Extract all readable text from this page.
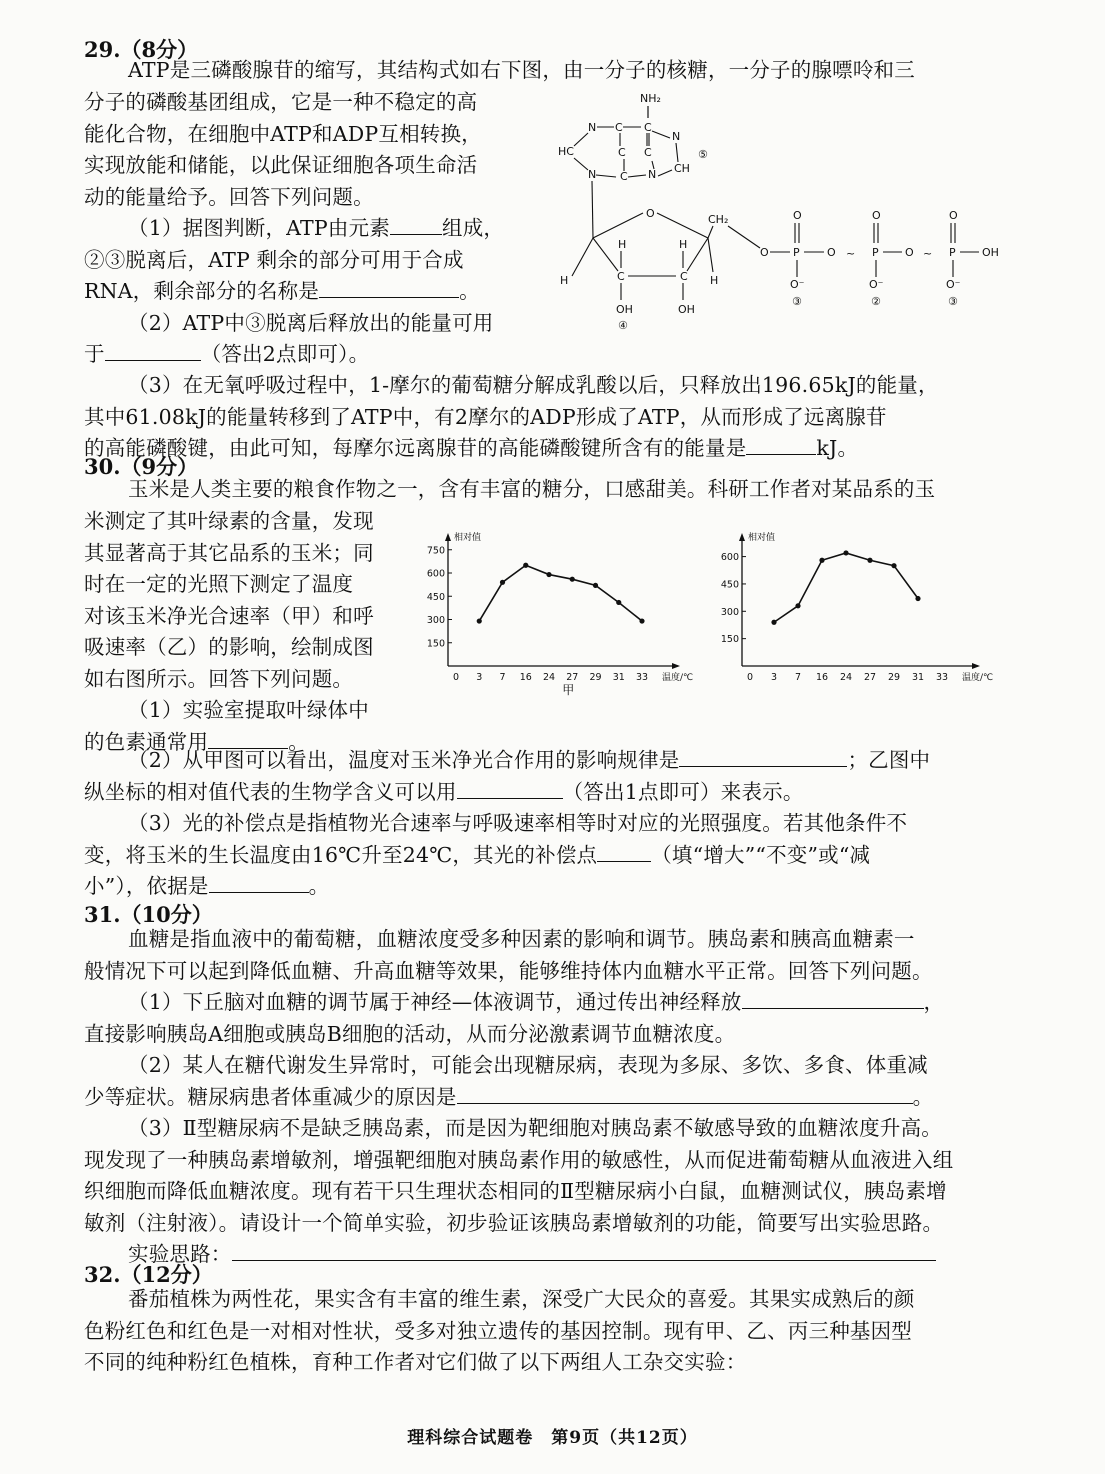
29.（8分）

ATP是三磷酸腺苷的缩写，其结构式如右下图，由一分子的核糖，一分子的腺嘌呤和三

分子的磷酸基团组成，它是一种不稳定的高

能化合物，在细胞中ATP和ADP互相转换，

实现放能和储能，以此保证细胞各项生命活

动的能量给予。回答下列问题。

（1）据图判断，ATP由元素	组成，

②③脱离后，ATP 剩余的部分可用于合成

RNA，剩余部分的名称是	。

（2）ATP中③脱离后释放出的能量可用

于	（答出2点即可）。

（3）在无氧呼吸过程中，1-摩尔的葡萄糖分解成乳酸以后，只释放出196.65kJ的能量，

其中61.08kJ的能量转移到了ATP中，有2摩尔的ADP形成了ATP，从而形成了远离腺苷

的高能磷酸键，由此可知，每摩尔远离腺苷的高能磷酸键所含有的能量是	kJ。

NH₂
C
C
N
N
HC	C C	⑤
N C N CH
O	CH₂
H	H
H	H
C	C
OH	OH
④
O P O ~ P O ~ P OH
O	O	O
O⁻	O⁻	O⁻
③	②	③
30.（9分）

玉米是人类主要的粮食作物之一，含有丰富的糖分，口感甜美。科研工作者对某品系的玉

米测定了其叶绿素的含量，发现

其显著高于其它品系的玉米；同

时在一定的光照下测定了温度

对该玉米净光合速率（甲）和呼

吸速率（乙）的影响，绘制成图

如右图所示。回答下列问题。

（1）实验室提取叶绿体中

的色素通常用	。

相对值
150
300
450
600
750
0 3 7 16 24 27 29 31 33 温度/℃
甲
相对值
150
300
450
600
0 3 7 16 24 27 29 31 33 温度/℃

（2）从甲图可以看出，温度对玉米净光合作用的影响规律是	；乙图中

纵坐标的相对值代表的生物学含义可以用	（答出1点即可）来表示。

（3）光的补偿点是指植物光合速率与呼吸速率相等时对应的光照强度。若其他条件不

变，将玉米的生长温度由16℃升至24℃，其光的补偿点	（填“增大”“不变”或“减

小”），依据是	。

31.（10分）

血糖是指血液中的葡萄糖，血糖浓度受多种因素的影响和调节。胰岛素和胰高血糖素一

般情况下可以起到降低血糖、升高血糖等效果，能够维持体内血糖水平正常。回答下列问题。

（1）下丘脑对血糖的调节属于神经—体液调节，通过传出神经释放	，

直接影响胰岛A细胞或胰岛B细胞的活动，从而分泌激素调节血糖浓度。

（2）某人在糖代谢发生异常时，可能会出现糖尿病，表现为多尿、多饮、多食、体重减

少等症状。糖尿病患者体重减少的原因是	。

（3）Ⅱ型糖尿病不是缺乏胰岛素，而是因为靶细胞对胰岛素不敏感导致的血糖浓度升高。

现发现了一种胰岛素增敏剂，增强靶细胞对胰岛素作用的敏感性，从而促进葡萄糖从血液进入组

织细胞而降低血糖浓度。现有若干只生理状态相同的Ⅱ型糖尿病小白鼠，血糖测试仪，胰岛素增

敏剂（注射液）。请设计一个简单实验，初步验证该胰岛素增敏剂的功能，简要写出实验思路。

实验思路：

32.（12分）

番茄植株为两性花，果实含有丰富的维生素，深受广大民众的喜爱。其果实成熟后的颜

色粉红色和红色是一对相对性状，受多对独立遗传的基因控制。现有甲、乙、丙三种基因型

不同的纯种粉红色植株，育种工作者对它们做了以下两组人工杂交实验：

理科综合试题卷　第9页（共12页）
